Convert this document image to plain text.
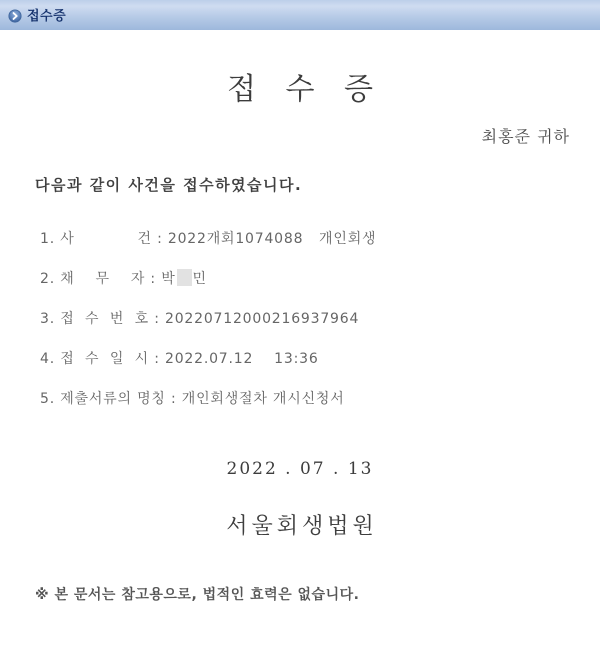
접수증
접 수 증
최홍준 귀하
다음과 같이 사건을 접수하였습니다.
1. 사            건 : 2022개회1074088   개인회생
2. 채    무    자 : 박 민
3. 접  수  번  호 : 20220712000216937964
4. 접  수  일  시 : 2022.07.12    13:36
5. 제출서류의 명칭 : 개인회생절차 개시신청서
2022 . 07 . 13
서울회생법원
※ 본 문서는 참고용으로, 법적인 효력은 없습니다.
